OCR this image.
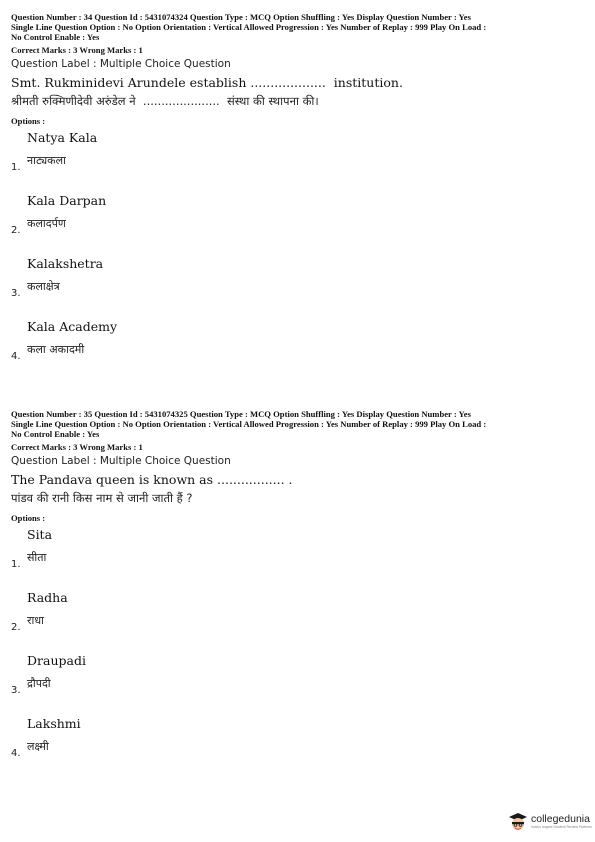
Question Number : 34 Question Id : 5431074324 Question Type : MCQ Option Shuffling : Yes Display Question Number : Yes
Single Line Question Option : No Option Orientation : Vertical Allowed Progression : Yes Number of Replay : 999 Play On Load :
No Control Enable : Yes
Correct Marks : 3 Wrong Marks : 1
Question Label : Multiple Choice Question
Smt. Rukminidevi Arundele establish ...................  institution.
श्रीमती रुक्मिणीदेवी अरुंडेल ने  .....................  संस्था की स्थापना की।
Options :
Natya Kala
1.
नाट्यकला
Kala Darpan
2.
कलादर्पण
Kalakshetra
3.
कलाक्षेत्र
Kala Academy
4.
कला अकादमी
Question Number : 35 Question Id : 5431074325 Question Type : MCQ Option Shuffling : Yes Display Question Number : Yes
Single Line Question Option : No Option Orientation : Vertical Allowed Progression : Yes Number of Replay : 999 Play On Load :
No Control Enable : Yes
Correct Marks : 3 Wrong Marks : 1
Question Label : Multiple Choice Question
The Pandava queen is known as ................. .
पांडव की रानी किस नाम से जानी जाती हैं ?
Options :
Sita
1.
सीता
Radha
2.
राधा
Draupadi
3.
द्रौपदी
Lakshmi
4.
लक्ष्मी
collegedunia
India's largest Student Review Platform
